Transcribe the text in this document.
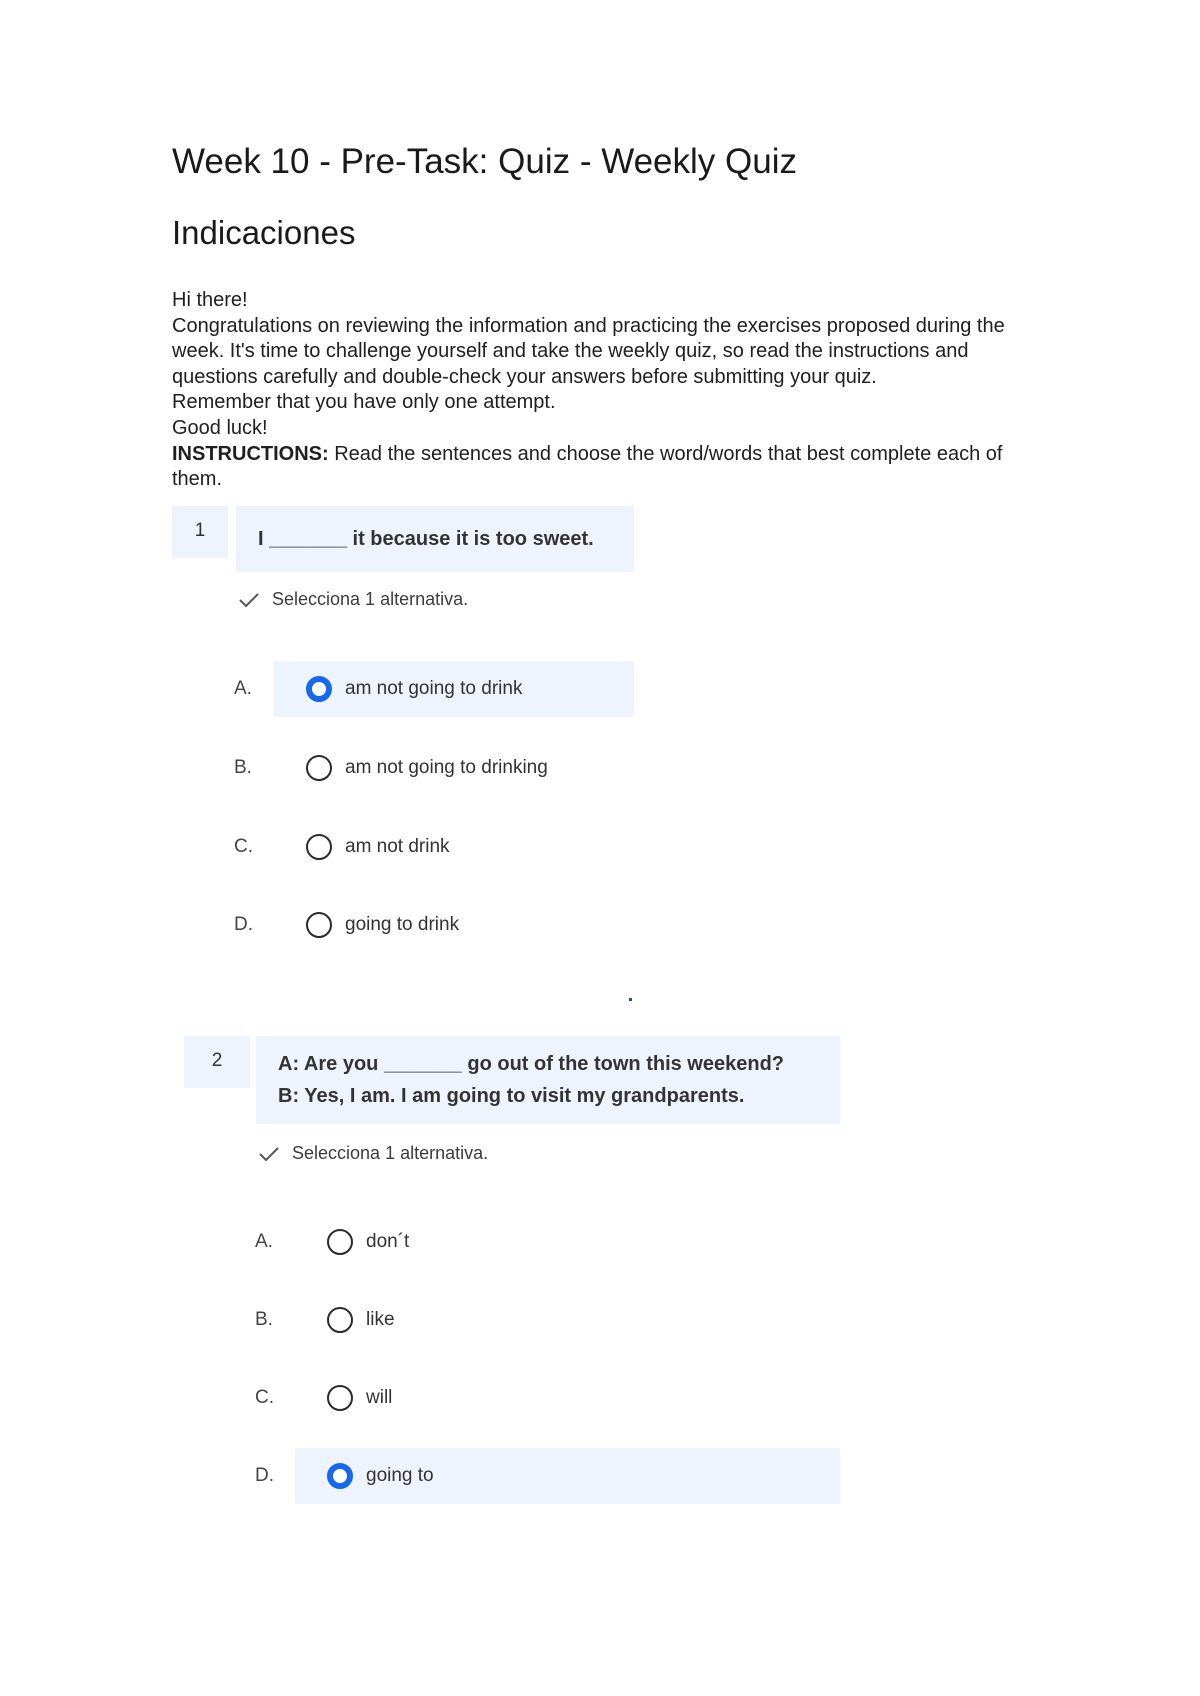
Week 10 - Pre-Task: Quiz - Weekly Quiz
Indicaciones

Hi there!

Congratulations on reviewing the information and practicing the exercises proposed during the week. It's time to challenge yourself and take the weekly quiz, so read the instructions and questions carefully and double-check your answers before submitting your quiz.

Remember that you have only one attempt.

Good luck!

INSTRUCTIONS: Read the sentences and choose the word/words that best complete each of them.

1	I _______ it because it is too sweet.
Selecciona 1 alternativa.
A.	am not going to drink
B.	am not going to drinking
C.	am not drink
D.	going to drink
2	A: Are you _______ go out of the town this weekend?
B: Yes, I am. I am going to visit my grandparents.
Selecciona 1 alternativa.
A.	don´t
B.	like
C.	will
D.	going to
